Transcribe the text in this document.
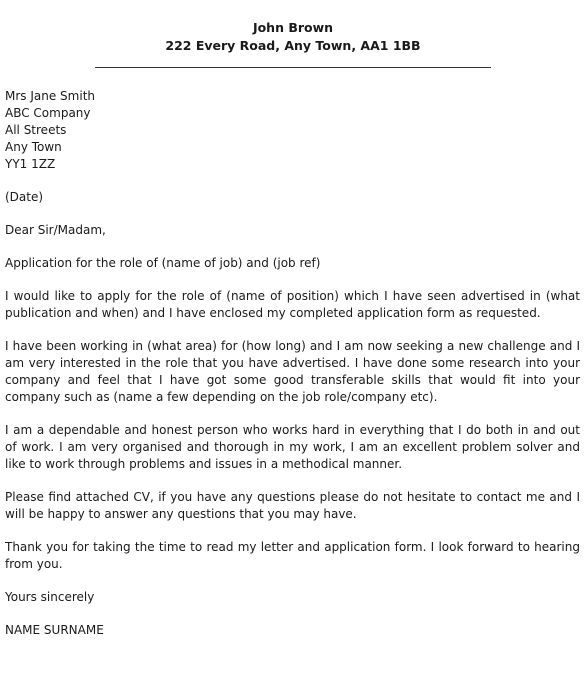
John Brown
222 Every Road, Any Town, AA1 1BB
Mrs Jane Smith
ABC Company
All Streets
Any Town
YY1 1ZZ
(Date)
Dear Sir/Madam,
Application for the role of (name of job) and (job ref)

I would like to apply for the role of (name of position) which I have seen advertised in (what publication and when) and I have enclosed my completed application form as requested.

I have been working in (what area) for (how long) and I am now seeking a new challenge and I am very interested in the role that you have advertised. I have done some research into your company and feel that I have got some good transferable skills that would fit into your company such as (name a few depending on the job role/company etc).

I am a dependable and honest person who works hard in everything that I do both in and out of work. I am very organised and thorough in my work, I am an excellent problem solver and like to work through problems and issues in a methodical manner.

Please find attached CV, if you have any questions please do not hesitate to contact me and I will be happy to answer any questions that you may have.

Thank you for taking the time to read my letter and application form. I look forward to hearing from you.

Yours sincerely
NAME SURNAME
